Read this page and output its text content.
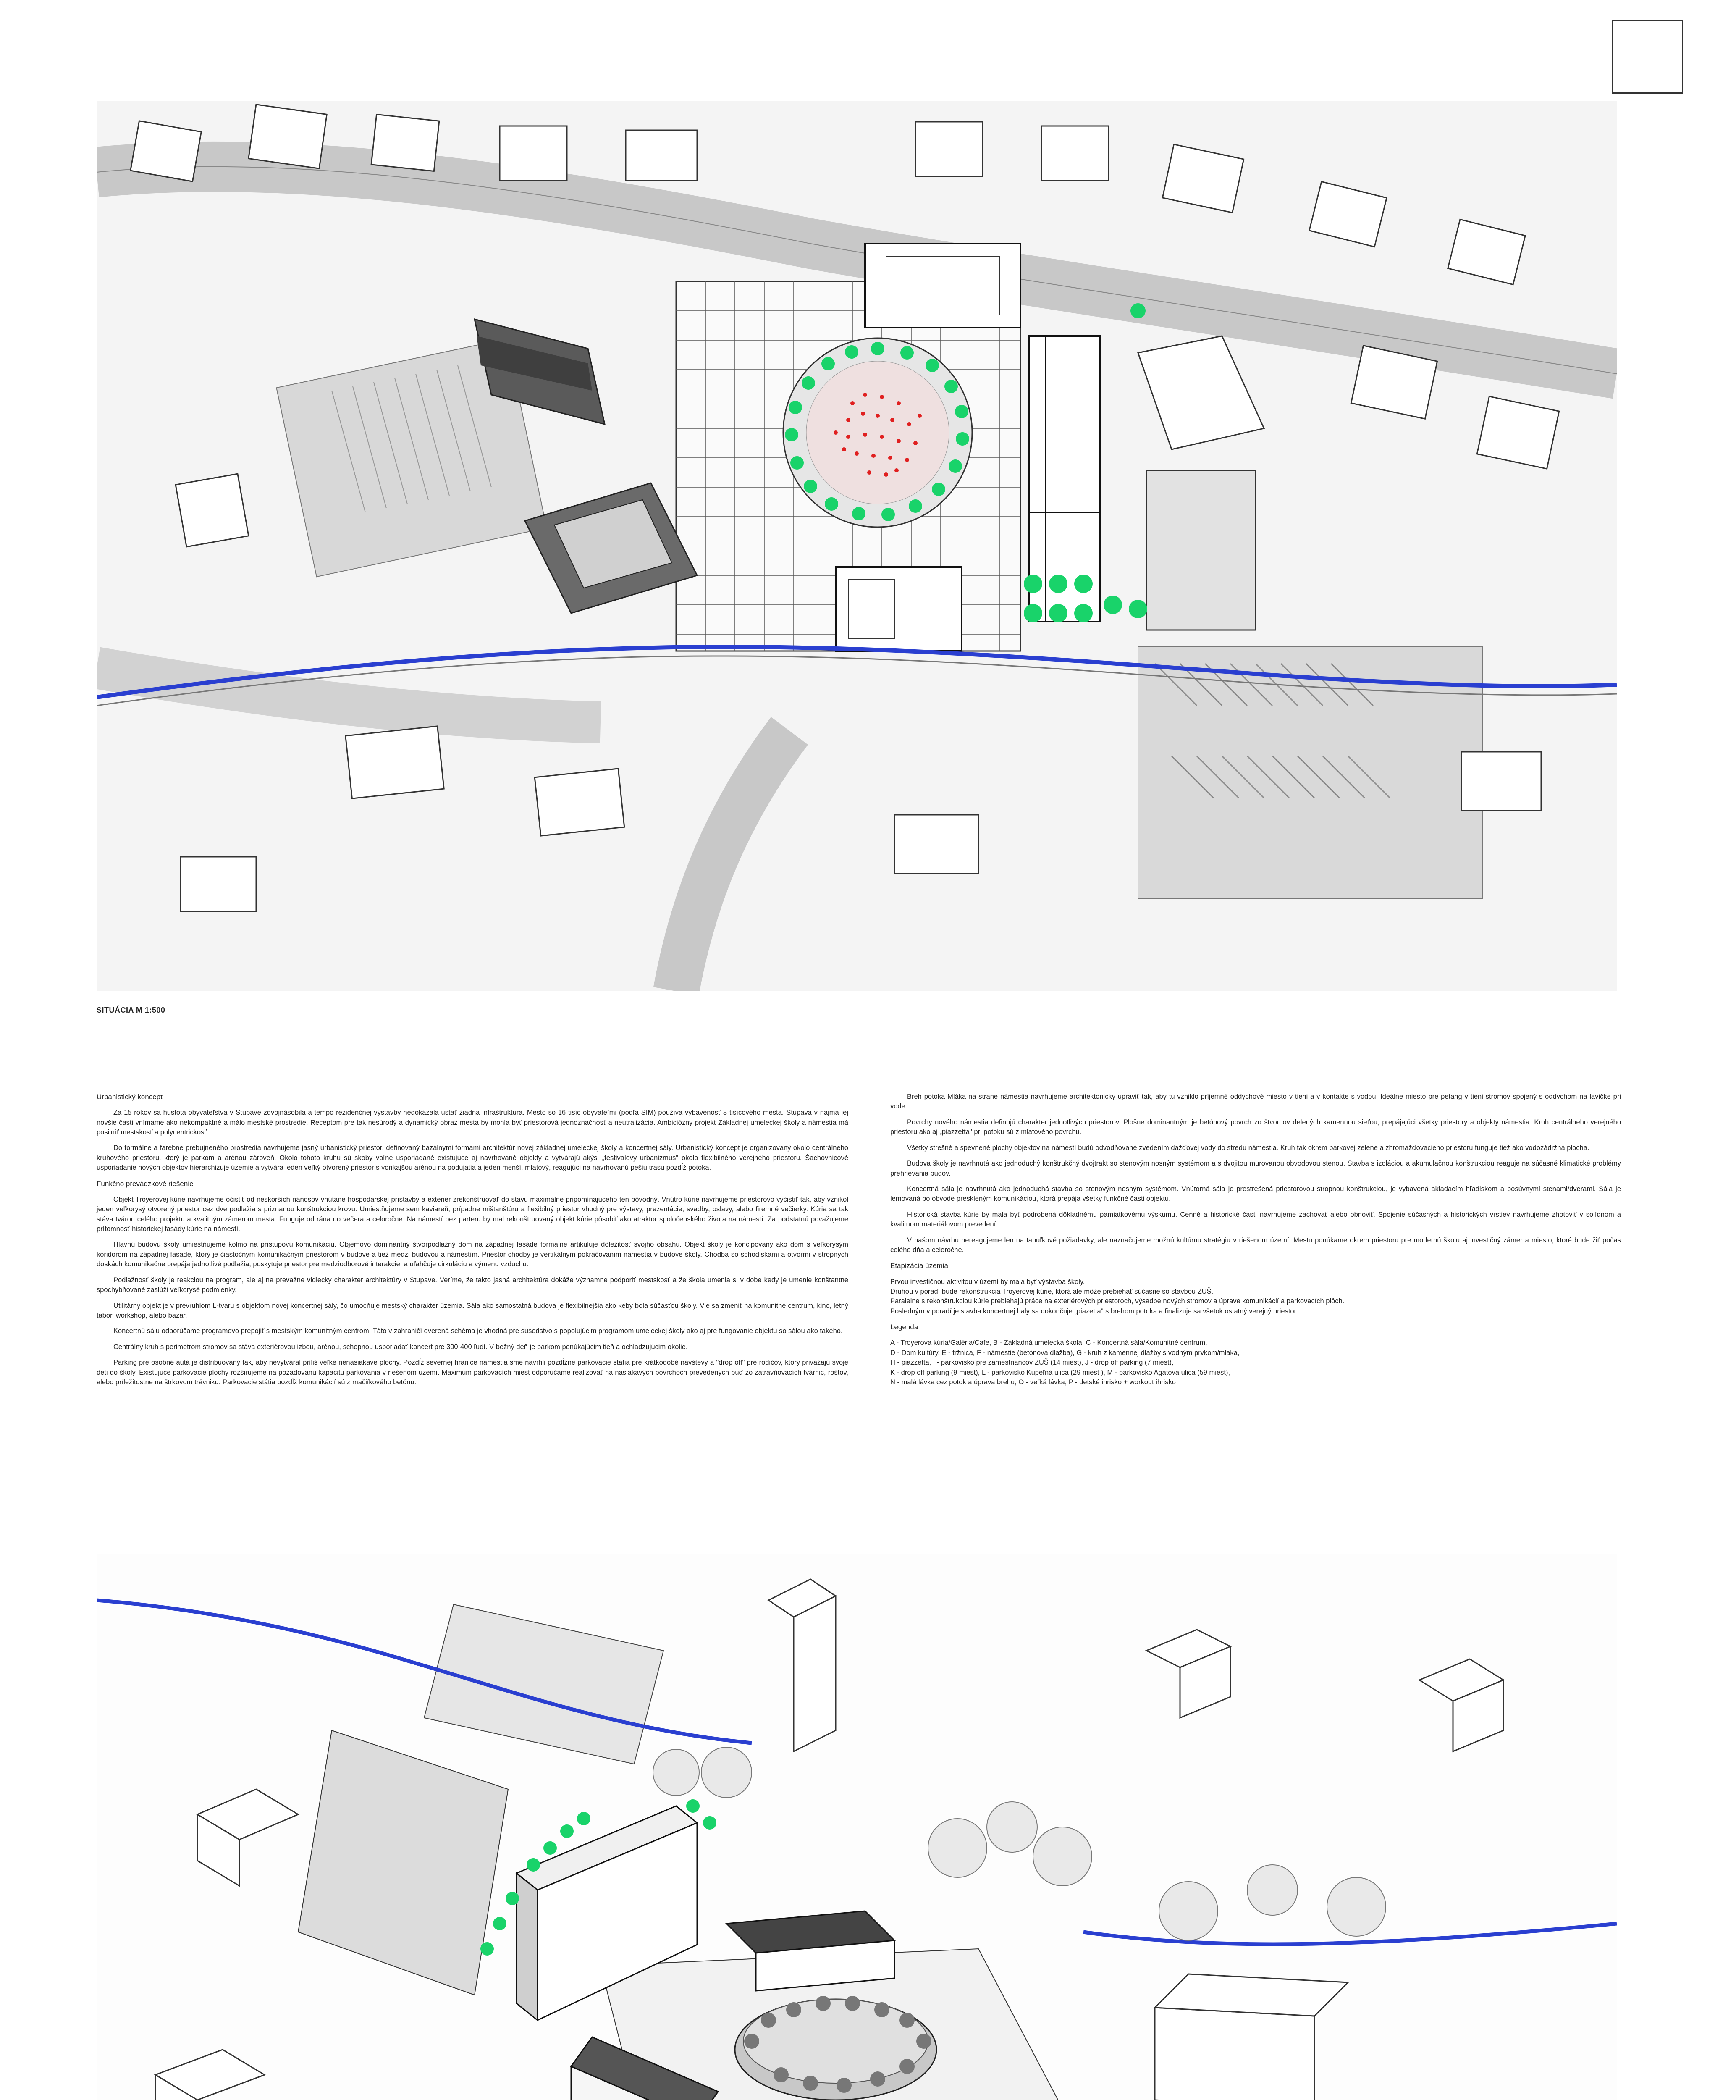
SITUÁCIA M 1:500
Urbanistický koncept

Za 15 rokov sa hustota obyvateľstva v Stupave zdvojnásobila a tempo rezidenčnej výstavby nedokázala ustáť žiadna infraštruktúra. Mesto so 16 tisíc obyvateľmi (podľa SIM) používa vybavenosť 8 tisícového mesta. Stupava v najmä jej novšie časti vnímame ako nekompaktné a málo mestské prostredie. Receptom pre tak nesúrodý a dynamický obraz mesta by mohla byť priestorová jednoznačnosť a neutralizácia. Ambiciózny projekt Základnej umeleckej školy a námestia má posilniť mestskosť a polycentrickosť.

Do formálne a farebne prebujneného prostredia navrhujeme jasný urbanistický priestor, definovaný bazálnymi formami architektúr novej základnej umeleckej školy a koncertnej sály. Urbanistický koncept je organizovaný okolo centrálneho kruhového priestoru, ktorý je parkom a arénou zároveň. Okolo tohoto kruhu sú skoby voľne usporiadané existujúce aj navrhované objekty a vytvárajú akýsi „festivalový urbanizmus" okolo flexibilného verejného priestoru. Šachovnicové usporiadanie nových objektov hierarchizuje územie a vytvára jeden veľký otvorený priestor s vonkajšou arénou na podujatia a jeden menší, mlatový, reagujúci na navrhovanú pešiu trasu pozdĺž potoka.

Funkčno prevádzkové riešenie

Objekt Troyerovej kúrie navrhujeme očistiť od neskorších nánosov vnútane hospodárskej prístavby a exteriér zrekonštruovať do stavu maximálne pripomínajúceho ten pôvodný. Vnútro kúrie navrhujeme priestorovo vyčistiť tak, aby vznikol jeden veľkorysý otvorený priestor cez dve podlažia s priznanou konštrukciou krovu. Umiestňujeme sem kaviareň, prípadne mištanštúru a flexibilný priestor vhodný pre výstavy, prezentácie, svadby, oslavy, alebo firemné večierky. Kúria sa tak stáva tvárou celého projektu a kvalitným zámerom mesta. Funguje od rána do večera a celoročne. Na námestí bez parteru by mal rekonštruovaný objekt kúrie pôsobiť ako atraktor spoločenského života na námestí. Za podstatnú považujeme prítomnosť historickej fasády kúrie na námestí.

Hlavnú budovu školy umiestňujeme kolmo na prístupovú komunikáciu. Objemovo dominantný štvorpodlažný dom na západnej fasáde formálne artikuluje dôležitosť svojho obsahu. Objekt školy je koncipovaný ako dom s veľkorysým koridorom na západnej fasáde, ktorý je čiastočným komunikačným priestorom v budove a tiež medzi budovou a námestím. Priestor chodby je vertikálnym pokračovaním námestia v budove školy. Chodba so schodiskami a otvormi v stropných doskách komunikačne prepája jednotlivé podlažia, poskytuje priestor pre medziodborové interakcie, a uľahčuje cirkuláciu a výmenu vzduchu.

Podlažnosť školy je reakciou na program, ale aj na prevažne vidiecky charakter architektúry v Stupave. Veríme, že takto jasná architektúra dokáže významne podporiť mestskosť a že škola umenia si v dobe kedy je umenie konštantne spochybňované zaslúži veľkorysé podmienky.

Utilitárny objekt je v prevruhlom L-tvaru s objektom novej koncertnej sály, čo umocňuje mestský charakter územia. Sála ako samostatná budova je flexibilnejšia ako keby bola súčasťou školy. Vie sa zmeniť na komunitné centrum, kino, letný tábor, workshop, alebo bazár.

Koncertnú sálu odporúčame programovo prepojiť s mestským komunitným centrom. Táto v zahraničí overená schéma je vhodná pre susedstvo s popolujúcim programom umeleckej školy ako aj pre fungovanie objektu so sálou ako takého.

Centrálny kruh s perimetrom stromov sa stáva exteriérovou izbou, arénou, schopnou usporiadať koncert pre 300-400 ľudí. V bežný deň je parkom ponúkajúcim tieň a ochladzujúcim okolie.

Parking pre osobné autá je distribuovaný tak, aby nevytváral príliš veľké nenasiakavé plochy. Pozdĺž severnej hranice námestia sme navrhli pozdĺžne parkovacie státia pre krátkodobé návštevy a "drop off" pre rodičov, ktorý privážajú svoje deti do školy. Existujúce parkovacie plochy rozširujeme na požadovanú kapacitu parkovania v riešenom území. Maximum parkovacích miest odporúčame realizovať na nasiakavých povrchoch prevedených buď zo zatrávňovacích tvárnic, roštov, alebo príležitostne na štrkovom trávniku. Parkovacie státia pozdĺž komunikácií sú z mačiíkového betónu.

Breh potoka Mláka na strane námestia navrhujeme architektonicky upraviť tak, aby tu vzniklo príjemné oddychové miesto v tieni a v kontakte s vodou. Ideálne miesto pre petang v tieni stromov spojený s oddychom na lavičke pri vode.

Povrchy nového námestia definujú charakter jednotlivých priestorov. Plošne dominantným je betónový povrch zo štvorcov delených kamennou sieťou, prepájajúci všetky priestory a objekty námestia. Kruh centrálneho verejného priestoru ako aj „piazzetta" pri potoku sú z mlatového povrchu.

Všetky strešné a spevnené plochy objektov na námestí budú odvodňované zvedením dažďovej vody do stredu námestia. Kruh tak okrem parkovej zelene a zhromažďovacieho priestoru funguje tiež ako vodozádržná plocha.

Budova školy je navrhnutá ako jednoduchý konštrukčný dvojtrakt so stenovým nosným systémom a s dvojitou murovanou obvodovou stenou. Stavba s izoláciou a akumulačnou konštrukciou reaguje na súčasné klimatické problémy prehrievania budov.

Koncertná sála je navrhnutá ako jednoduchá stavba so stenovým nosným systémom. Vnútorná sála je prestrešená priestorovou stropnou konštrukciou, je vybavená akladacím hľadiskom a posúvnymi stenami/dverami. Sála je lemovaná po obvode preskleným komunikáciou, ktorá prepája všetky funkčné časti objektu.

Historická stavba kúrie by mala byť podrobená dôkladnému pamiatkovému výskumu. Cenné a historické časti navrhujeme zachovať alebo obnoviť. Spojenie súčasných a historických vrstiev navrhujeme zhotoviť v solídnom a kvalitnom materiálovom prevedení.

V našom návrhu nereagujeme len na tabuľkové požiadavky, ale naznačujeme možnú kultúrnu stratégiu v riešenom území. Mestu ponúkame okrem priestoru pre modernú školu aj investičný zámer a miesto, ktoré bude žiť počas celého dňa a celoročne.

Etapizácia územia
Prvou investičnou aktivitou v území by mala byť výstavba školy.
Druhou v poradí bude rekonštrukcia Troyerovej kúrie, ktorá ale môže prebiehať súčasne so stavbou ZUŠ.
Paralelne s rekonštrukciou kúrie prebiehajú práce na exteriérových priestoroch, výsadbe nových stromov a úprave komunikácií a parkovacích plôch.
Posledným v poradí je stavba koncertnej haly sa dokončuje „piazetta" s brehom potoka a finalizuje sa všetok ostatný verejný priestor.
Legenda
A - Troyerova kúria/Galéria/Cafe, B - Základná umelecká škola, C - Koncertná sála/Komunitné centrum,
D - Dom kultúry, E - tržnica, F - námestie (betónová dlažba), G - kruh z kamennej dlažby s vodným prvkom/mlaka,
H - piazzetta, I - parkovisko pre zamestnancov ZUŠ (14 miest), J - drop off parking (7 miest),
K - drop off parking (9 miest), L - parkovisko Kúpeľná ulica (29 miest ), M - parkovisko Agátová ulica (59 miest),
N - malá lávka cez potok a úprava brehu, O - veľká lávka, P - detské ihrisko + workout ihrisko
